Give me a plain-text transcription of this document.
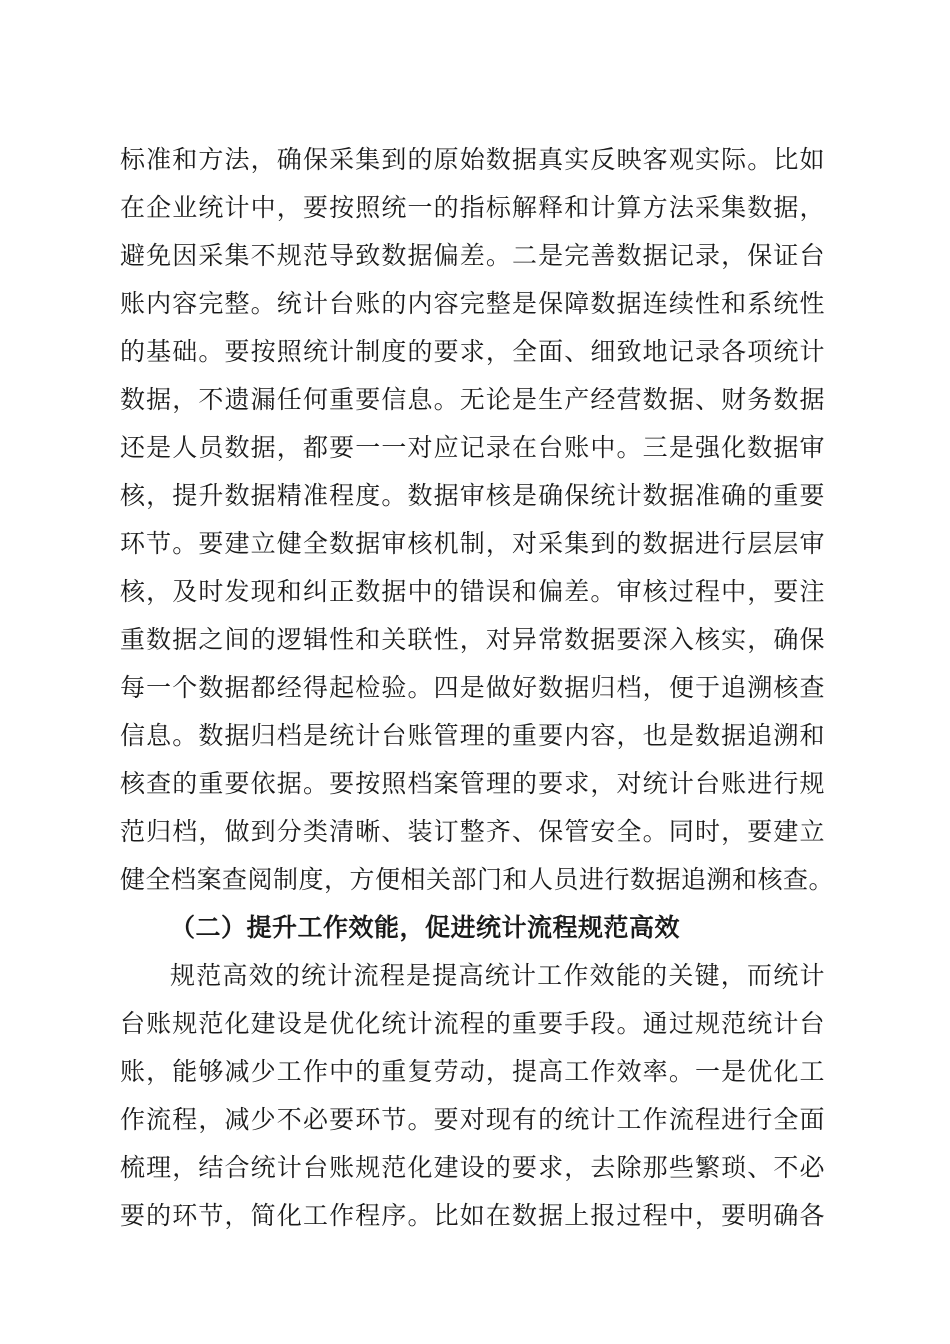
标准和方法，确保采集到的原始数据真实反映客观实际。比如
在企业统计中，要按照统一的指标解释和计算方法采集数据，
避免因采集不规范导致数据偏差。二是完善数据记录，保证台
账内容完整。统计台账的内容完整是保障数据连续性和系统性
的基础。要按照统计制度的要求，全面、细致地记录各项统计
数据，不遗漏任何重要信息。无论是生产经营数据、财务数据
还是人员数据，都要一一对应记录在台账中。三是强化数据审
核，提升数据精准程度。数据审核是确保统计数据准确的重要
环节。要建立健全数据审核机制，对采集到的数据进行层层审
核，及时发现和纠正数据中的错误和偏差。审核过程中，要注
重数据之间的逻辑性和关联性，对异常数据要深入核实，确保
每一个数据都经得起检验。四是做好数据归档，便于追溯核查
信息。数据归档是统计台账管理的重要内容，也是数据追溯和
核查的重要依据。要按照档案管理的要求，对统计台账进行规
范归档，做到分类清晰、装订整齐、保管安全。同时，要建立
健全档案查阅制度，方便相关部门和人员进行数据追溯和核查。
（二）提升工作效能，促进统计流程规范高效
规范高效的统计流程是提高统计工作效能的关键，而统计
台账规范化建设是优化统计流程的重要手段。通过规范统计台
账，能够减少工作中的重复劳动，提高工作效率。一是优化工
作流程，减少不必要环节。要对现有的统计工作流程进行全面
梳理，结合统计台账规范化建设的要求，去除那些繁琐、不必
要的环节，简化工作程序。比如在数据上报过程中，要明确各
